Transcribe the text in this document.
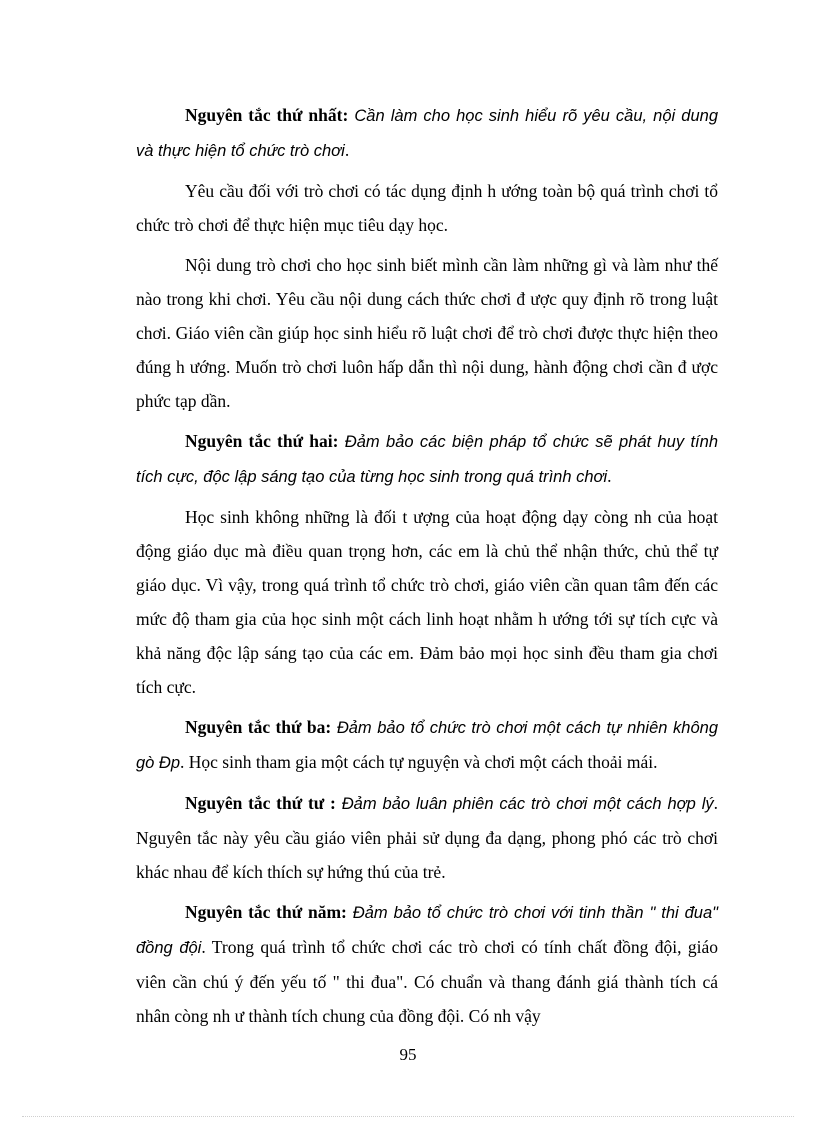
Nguyên tắc thứ nhất: Cần làm cho học sinh hiểu rõ yêu cầu, nội dung và thực hiện tổ chức trò chơi.

Yêu cầu đối với trò chơi có tác dụng định h ướng toàn bộ quá trình chơi tổ chức trò chơi để thực hiện mục tiêu dạy học.

Nội dung trò chơi cho học sinh biết mình cần làm những gì và làm như thế nào trong khi chơi. Yêu cầu nội dung cách thức chơi đ ược quy định rõ trong luật chơi. Giáo viên cần giúp học sinh hiểu rõ luật chơi để trò chơi được thực hiện theo đúng h ướng. Muốn trò chơi luôn hấp dẫn thì nội dung, hành động chơi cần đ ược phức tạp dần.

Nguyên tắc thứ hai: Đảm bảo các biện pháp tổ chức sẽ phát huy tính tích cực, độc lập sáng tạo của từng học sinh trong quá trình chơi.

Học sinh không những là đối t ượng của hoạt động dạy còng nh của hoạt động giáo dục mà điều quan trọng hơn, các em là chủ thể nhận thức, chủ thể tự giáo dục. Vì vậy, trong quá trình tổ chức trò chơi, giáo viên cần quan tâm đến các mức độ tham gia của học sinh một cách linh hoạt nhằm h ướng tới sự tích cực và khả năng độc lập sáng tạo của các em. Đảm bảo mọi học sinh đều tham gia chơi tích cực.

Nguyên tắc thứ ba: Đảm bảo tổ chức trò chơi một cách tự nhiên không gò Đp. Học sinh tham gia một cách tự nguyện và chơi một cách thoải mái.

Nguyên tắc thứ tư : Đảm bảo luân phiên các trò chơi một cách hợp lý. Nguyên tắc này yêu cầu giáo viên phải sử dụng đa dạng, phong phó các trò chơi khác nhau để kích thích sự hứng thú của trẻ.

Nguyên tắc thứ năm: Đảm bảo tổ chức trò chơi với tinh thần " thi đua" đồng đội. Trong quá trình tổ chức chơi các trò chơi có tính chất đồng đội, giáo viên cần chú ý đến yếu tố " thi đua". Có chuẩn và thang đánh giá thành tích cá nhân còng nh ư thành tích chung của đồng đội. Có nh vậy

95
